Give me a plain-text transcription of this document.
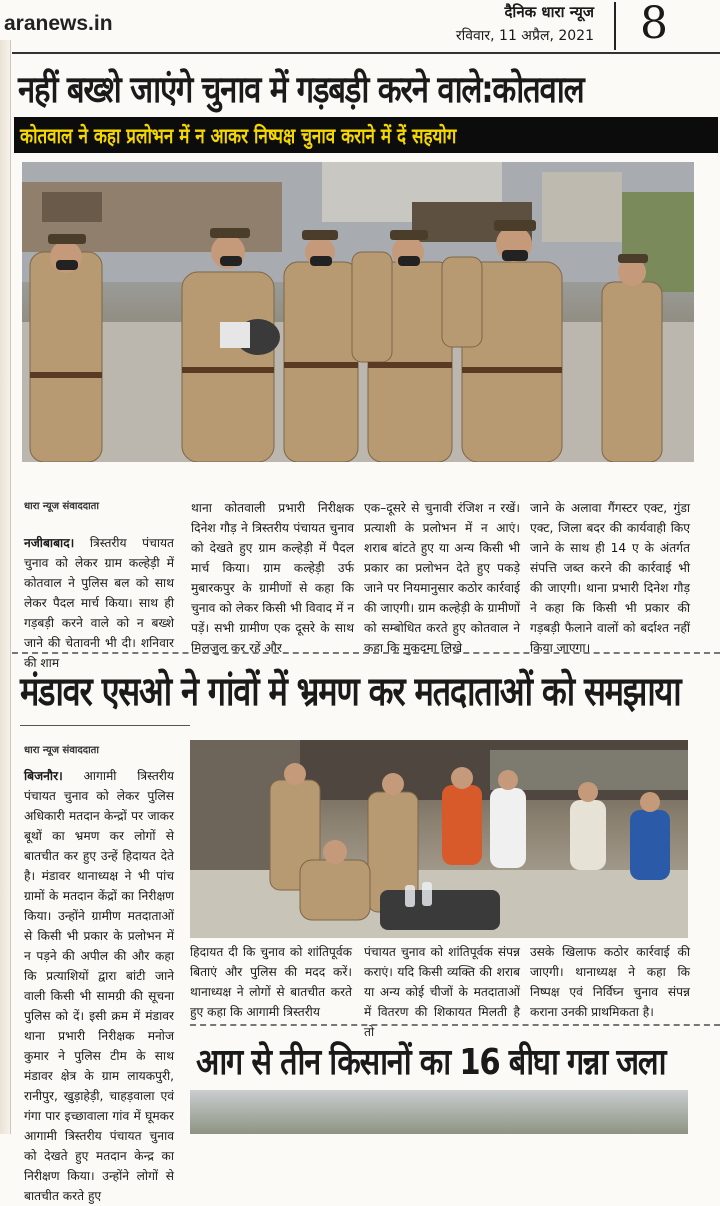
aranews.in	दैनिक धारा न्यूज
रविवार, 11 अप्रैल, 2021	8
नहीं बख्शे जाएंगे चुनाव में गड़बड़ी करने वाले:कोतवाल
कोतवाल ने कहा प्रलोभन में न आकर निष्पक्ष चुनाव कराने में दें सहयोग
धारा न्यूज संवाददाता

नजीबाबाद। त्रिस्तरीय पंचायत चुनाव को लेकर ग्राम कल्हेड़ी में कोतवाल ने पुलिस बल को साथ लेकर पैदल मार्च किया। साथ ही गड़बड़ी करने वाले को न बख्शे जाने की चेतावनी भी दी। शनिवार की शाम

थाना कोतवाली प्रभारी निरीक्षक दिनेश गौड़ ने त्रिस्तरीय पंचायत चुनाव को देखते हुए ग्राम कल्हेड़ी में पैदल मार्च किया। ग्राम कल्हेड़ी उर्फ मुबारकपुर के ग्रामीणों से कहा कि चुनाव को लेकर किसी भी विवाद में न पड़ें। सभी ग्रामीण एक दूसरे के साथ मिलजुल कर रहें और

एक–दूसरे से चुनावी रंजिश न रखें। प्रत्याशी के प्रलोभन में न आएं। शराब बांटते हुए या अन्य किसी भी प्रकार का प्रलोभन देते हुए पकड़े जाने पर नियमानुसार कठोर कार्रवाई की जाएगी। ग्राम कल्हेड़ी के ग्रामीणों को सम्बोधित करते हुए कोतवाल ने कहा कि मुकदमा लिखे

जाने के अलावा गैंगस्टर एक्ट, गुंडा एक्ट, जिला बदर की कार्यवाही किए जाने के साथ ही 14 ए के अंतर्गत संपत्ति जब्त करने की कार्रवाई भी की जाएगी। थाना प्रभारी दिनेश गौड़ ने कहा कि किसी भी प्रकार की गड़बड़ी फैलाने वालों को बर्दाश्त नहीं किया जाएगा।

मंडावर एसओ ने गांवों में भ्रमण कर मतदाताओं को समझाया
धारा न्यूज संवाददाता

बिजनौर। आगामी त्रिस्तरीय पंचायत चुनाव को लेकर पुलिस अधिकारी मतदान केन्द्रों पर जाकर बूथों का भ्रमण कर लोगों से बातचीत कर हुए उन्हें हिदायत देते है। मंडावर थानाध्यक्ष ने भी पांच ग्रामों के मतदान केंद्रों का निरीक्षण किया। उन्होंने ग्रामीण मतदाताओं से किसी भी प्रकार के प्रलोभन में न पड़ने की अपील की और कहा कि प्रत्याशियों द्वारा बांटी जाने वाली किसी भी सामग्री की सूचना पुलिस को दें। इसी क्रम में मंडावर थाना प्रभारी निरीक्षक मनोज कुमार ने पुलिस टीम के साथ मंडावर क्षेत्र के ग्राम लायकपुरी, रानीपुर, खुड़ाहेड़ी, चाहड़वाला एवं गंगा पार इच्छावाला गांव में घूमकर आगामी त्रिस्तरीय पंचायत चुनाव को देखते हुए मतदान केन्द्र का निरीक्षण किया। उन्होंने लोगों से बातचीत करते हुए

हिदायत दी कि चुनाव को शांतिपूर्वक बिताएं और पुलिस की मदद करें। थानाध्यक्ष ने लोगों से बातचीत करते हुए कहा कि आगामी त्रिस्तरीय

पंचायत चुनाव को शांतिपूर्वक संपन्न कराएं। यदि किसी व्यक्ति की शराब या अन्य कोई चीजों के मतदाताओं में वितरण की शिकायत मिलती है तो

उसके खिलाफ कठोर कार्रवाई की जाएगी। थानाध्यक्ष ने कहा कि निष्पक्ष एवं निर्विघ्न चुनाव संपन्न कराना उनकी प्राथमिकता है।

आग से तीन किसानों का 16 बीघा गन्ना जला
